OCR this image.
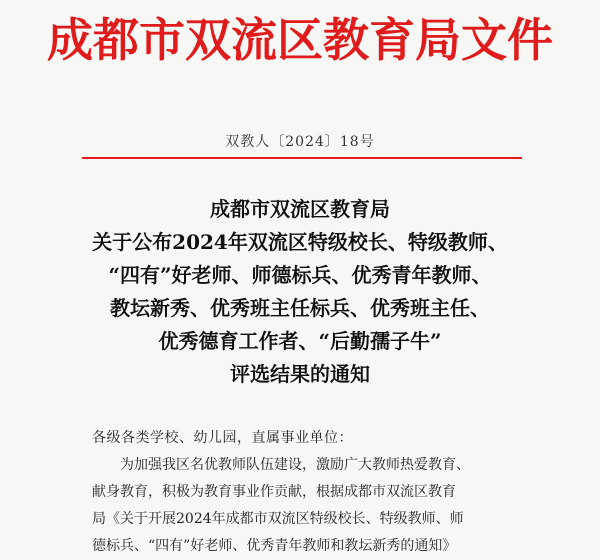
成都市双流区教育局文件
双教人〔2024〕18号
成都市双流区教育局
关于公布2024年双流区特级校长、特级教师、
“四有”好老师、师德标兵、优秀青年教师、
教坛新秀、优秀班主任标兵、优秀班主任、
优秀德育工作者、“后勤孺子牛”
评选结果的通知
各级各类学校、幼儿园，直属事业单位：
为加强我区名优教师队伍建设，激励广大教师热爱教育、
献身教育，积极为教育事业作贡献，根据成都市双流区教育
局《关于开展2024年成都市双流区特级校长、特级教师、师
德标兵、“四有”好老师、优秀青年教师和教坛新秀的通知》
